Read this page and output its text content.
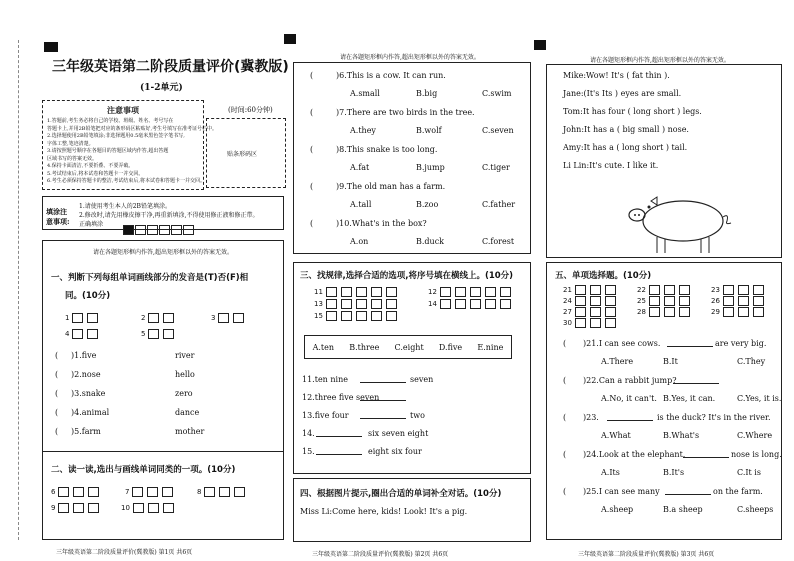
三年级英语第二阶段质量评价(冀教版)
(1-2单元)
(时间:60分钟)
注意事项
1.答题前,考生务必将自己的学校、班级、姓名、考号写在
答题卡上,并用2B铅笔把对应的条形码区粘贴好,考生号填写在准考证号栏中。
2.选择题使用2B铅笔填涂;非选择题用0.5毫米黑色签字笔书写,
字体工整,笔迹清楚。
3.请按照题号顺序在各题目的答题区域内作答,超出答题
区域书写的答案无效。
4.保持卡面清洁,不要折叠、不要弄破。
5.考试结束后,将本试卷和答题卡一并交回。
6.考生必须保持答题卡的整洁,考试结束后,将本试卷和答题卡一并交回。
贴条形码区
填涂注意事项:
1.请使用考生本人的2B铅笔填涂。
2.修改时,请先用橡皮擦干净,再重新填涂,不得使用修正液和修正带。
正确填涂
请在各题矩形框内作答,超出矩形框以外的答案无效。
一、判断下列每组单词画线部分的发音是(T)否(F)相
同。(10分)
1	2	3
4	5
( )1.five	river
( )2.nose	hello
( )3.snake	zero
( )4.animal	dance
( )5.farm	mother
二、读一读,选出与画线单词同类的一项。(10分)
6	7	8
9	10
三年级英语第二阶段质量评价(冀教版) 第1页 共6页
请在各题矩形框内作答,超出矩形框以外的答案无效。
(	)6.This is a cow. It can run.
A.small	B.big	C.swim
(	)7.There are two birds in the tree.
A.they	B.wolf	C.seven
(	)8.This snake is too long.
A.fat	B.jump	C.tiger
(	)9.The old man has a farm.
A.tall	B.zoo	C.father
(	)10.What's in the box?
A.on	B.duck	C.forest
三、找规律,选择合适的选项,将序号填在横线上。(10分)
11	12
13	14
15
A.ten B.three C.eight D.five E.nine
11.ten nine	seven
12.three five seven
13.five four	two
14.	six seven eight
15.	eight six four
四、根据图片提示,圈出合适的单词补全对话。(10分)
Miss Li:Come here, kids! Look! It's a pig.
三年级英语第二阶段质量评价(冀教版) 第2页 共6页
请在各题矩形框内作答,超出矩形框以外的答案无效。
Mike:Wow! It's ( fat thin ).
Jane:(It's Its ) eyes are small.
Tom:It has four ( long short ) legs.
John:It has a ( big small ) nose.
Amy:It has a ( long short ) tail.
Li Lin:It's cute. I like it.
五、单项选择题。(10分)
21	22	23
24	25	26
27	28	29
30
( )21.I can see cows.	are very big.
A.There	B.It	C.They
( )22.Can a rabbit jump?
A.No, it can't. B.Yes, it can.	C.Yes, it is.
( )23.	is the duck? It's in the river.
A.What	B.What's	C.Where
( )24.Look at the elephant.	nose is long.
A.Its	B.It's	C.It is
( )25.I can see many	on the farm.
A.sheep	B.a sheep	C.sheeps
三年级英语第二阶段质量评价(冀教版) 第3页 共6页
